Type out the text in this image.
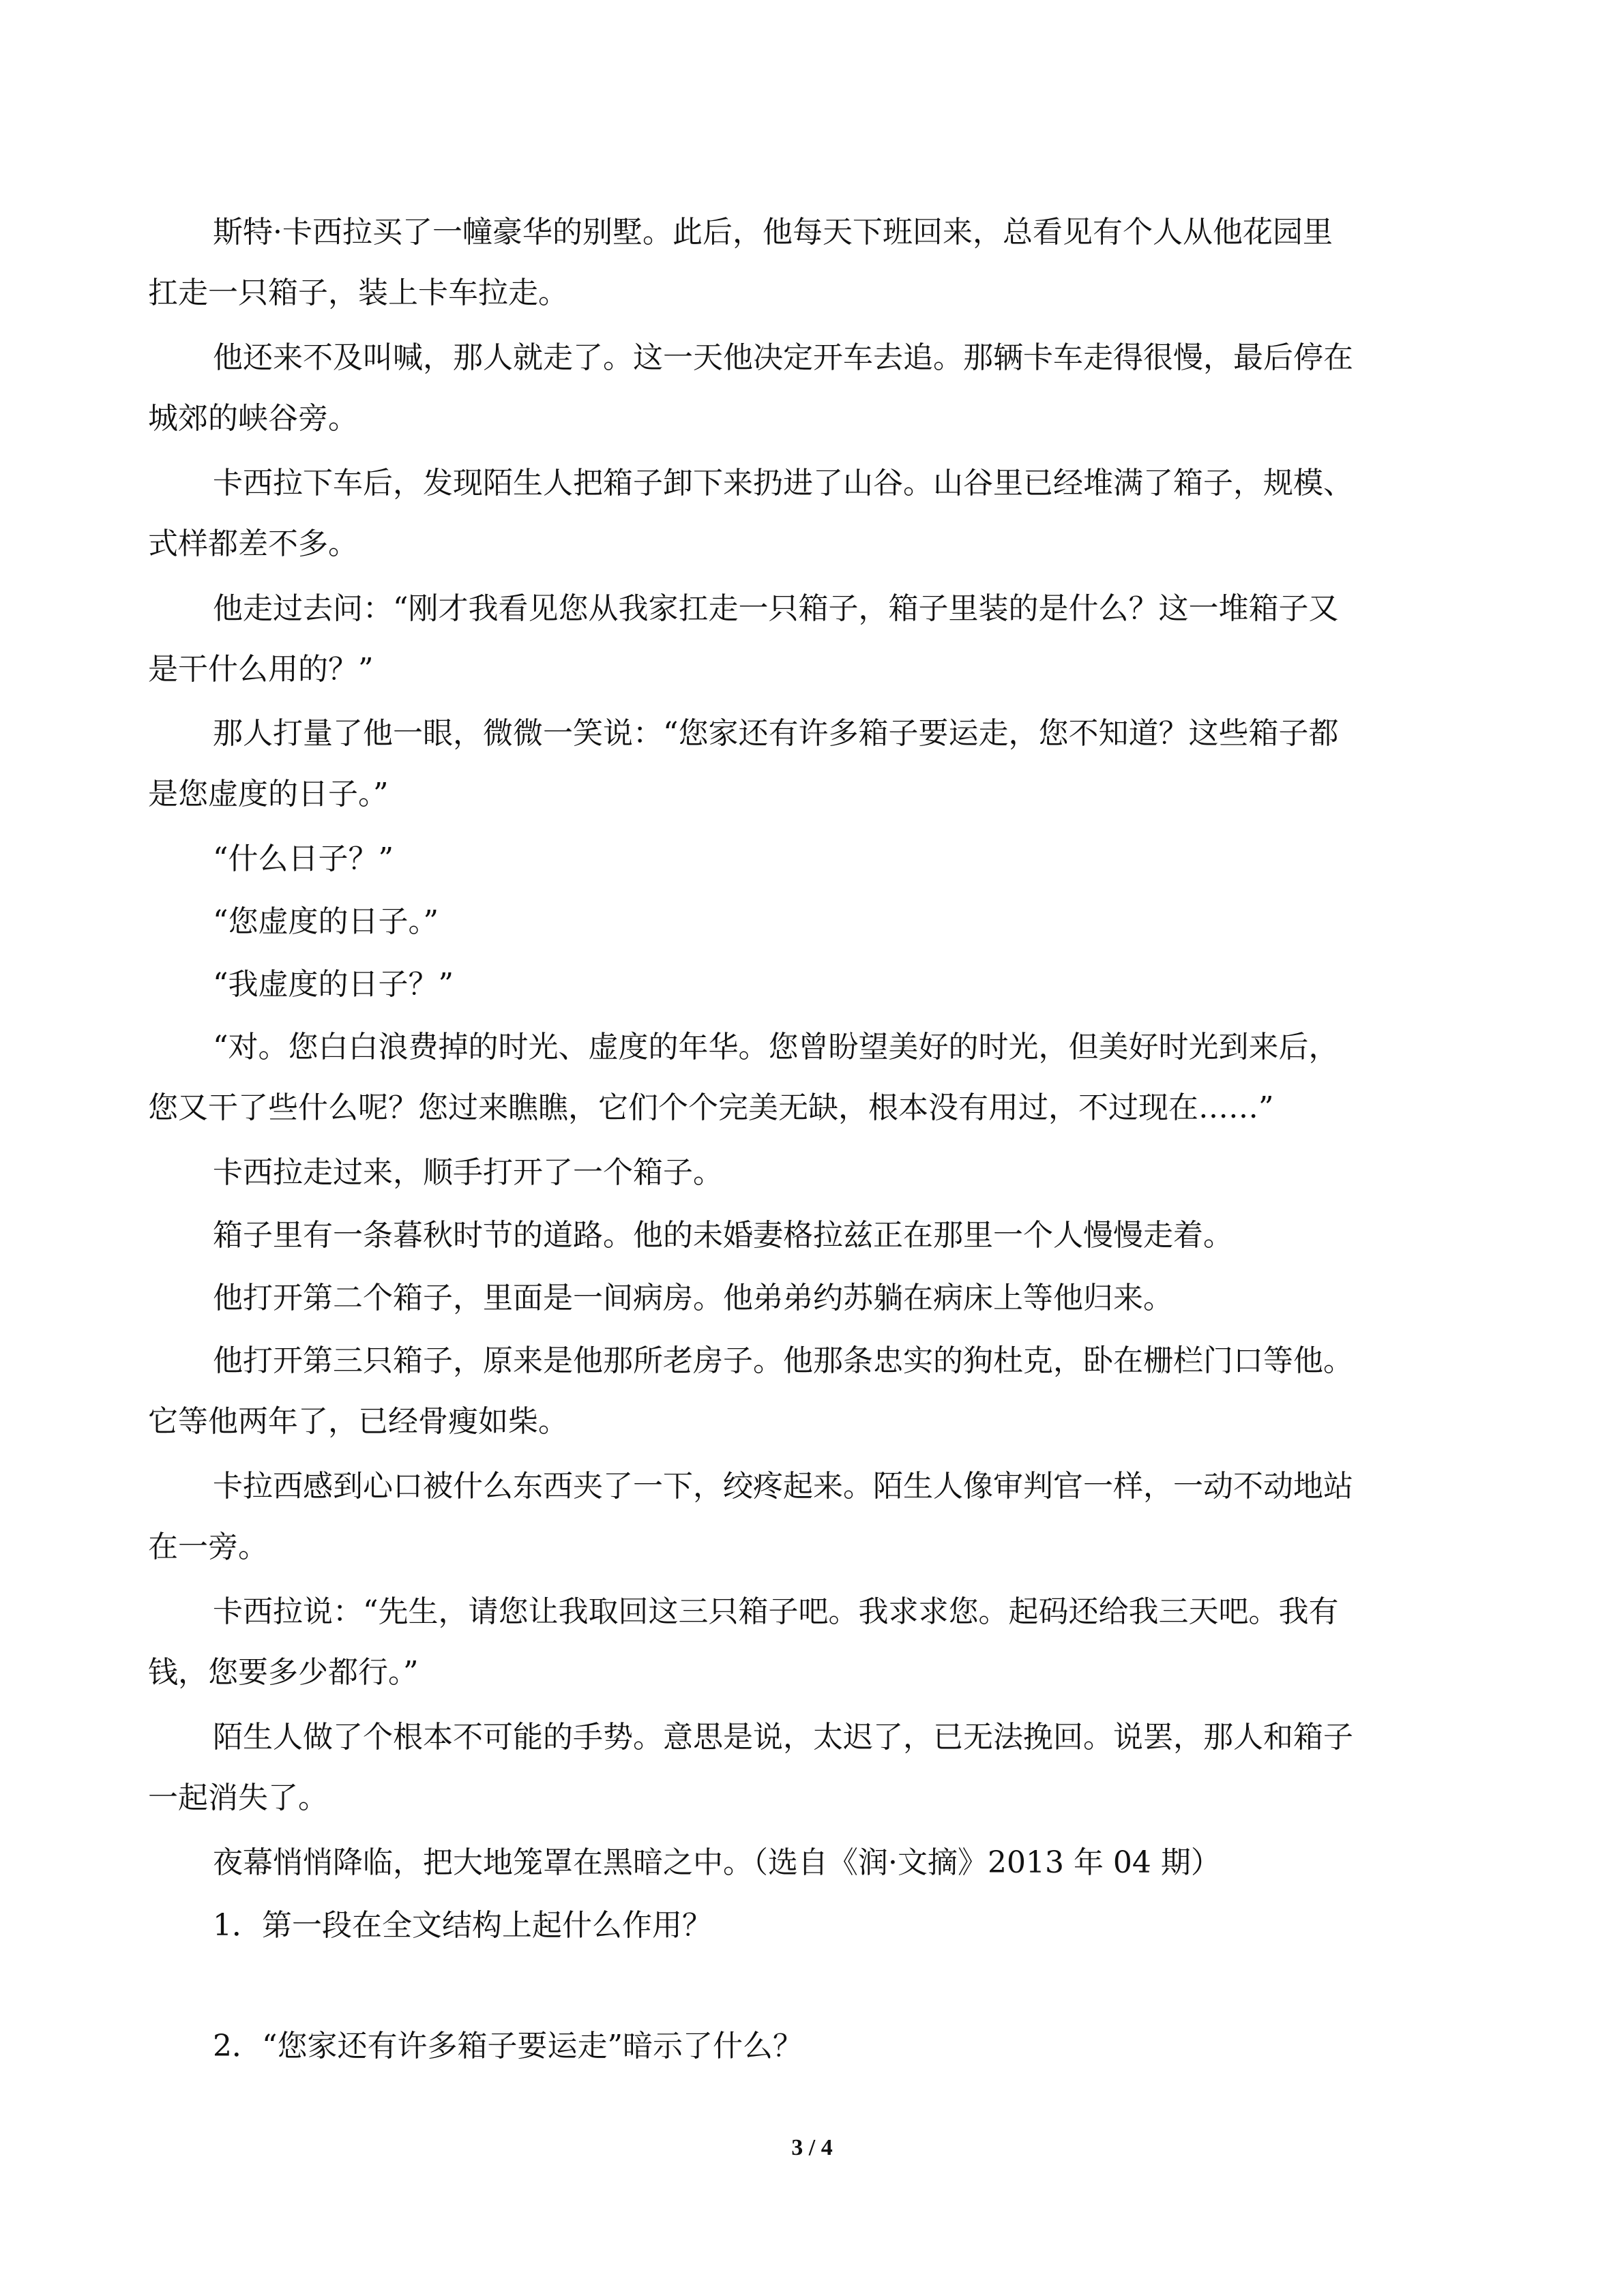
斯特·卡西拉买了一幢豪华的别墅。此后，他每天下班回来，总看见有个人从他花园里

扛走一只箱子，装上卡车拉走。

他还来不及叫喊，那人就走了。这一天他决定开车去追。那辆卡车走得很慢，最后停在

城郊的峡谷旁。

卡西拉下车后，发现陌生人把箱子卸下来扔进了山谷。山谷里已经堆满了箱子，规模、

式样都差不多。

他走过去问：“刚才我看见您从我家扛走一只箱子，箱子里装的是什么？这一堆箱子又

是干什么用的？”

那人打量了他一眼，微微一笑说：“您家还有许多箱子要运走，您不知道？这些箱子都

是您虚度的日子。”

“什么日子？”

“您虚度的日子。”

“我虚度的日子？”

“对。您白白浪费掉的时光、虚度的年华。您曾盼望美好的时光，但美好时光到来后，

您又干了些什么呢？您过来瞧瞧，它们个个完美无缺，根本没有用过，不过现在……”

卡西拉走过来，顺手打开了一个箱子。

箱子里有一条暮秋时节的道路。他的未婚妻格拉兹正在那里一个人慢慢走着。

他打开第二个箱子，里面是一间病房。他弟弟约苏躺在病床上等他归来。

他打开第三只箱子，原来是他那所老房子。他那条忠实的狗杜克，卧在栅栏门口等他。

它等他两年了，已经骨瘦如柴。

卡拉西感到心口被什么东西夹了一下，绞疼起来。陌生人像审判官一样，一动不动地站

在一旁。

卡西拉说：“先生，请您让我取回这三只箱子吧。我求求您。起码还给我三天吧。我有

钱，您要多少都行。”

陌生人做了个根本不可能的手势。意思是说，太迟了，已无法挽回。说罢，那人和箱子

一起消失了。

夜幕悄悄降临，把大地笼罩在黑暗之中。（选自《润·文摘》2013 年 04 期）

1．第一段在全文结构上起什么作用？

2．“您家还有许多箱子要运走”暗示了什么？

3 / 4
